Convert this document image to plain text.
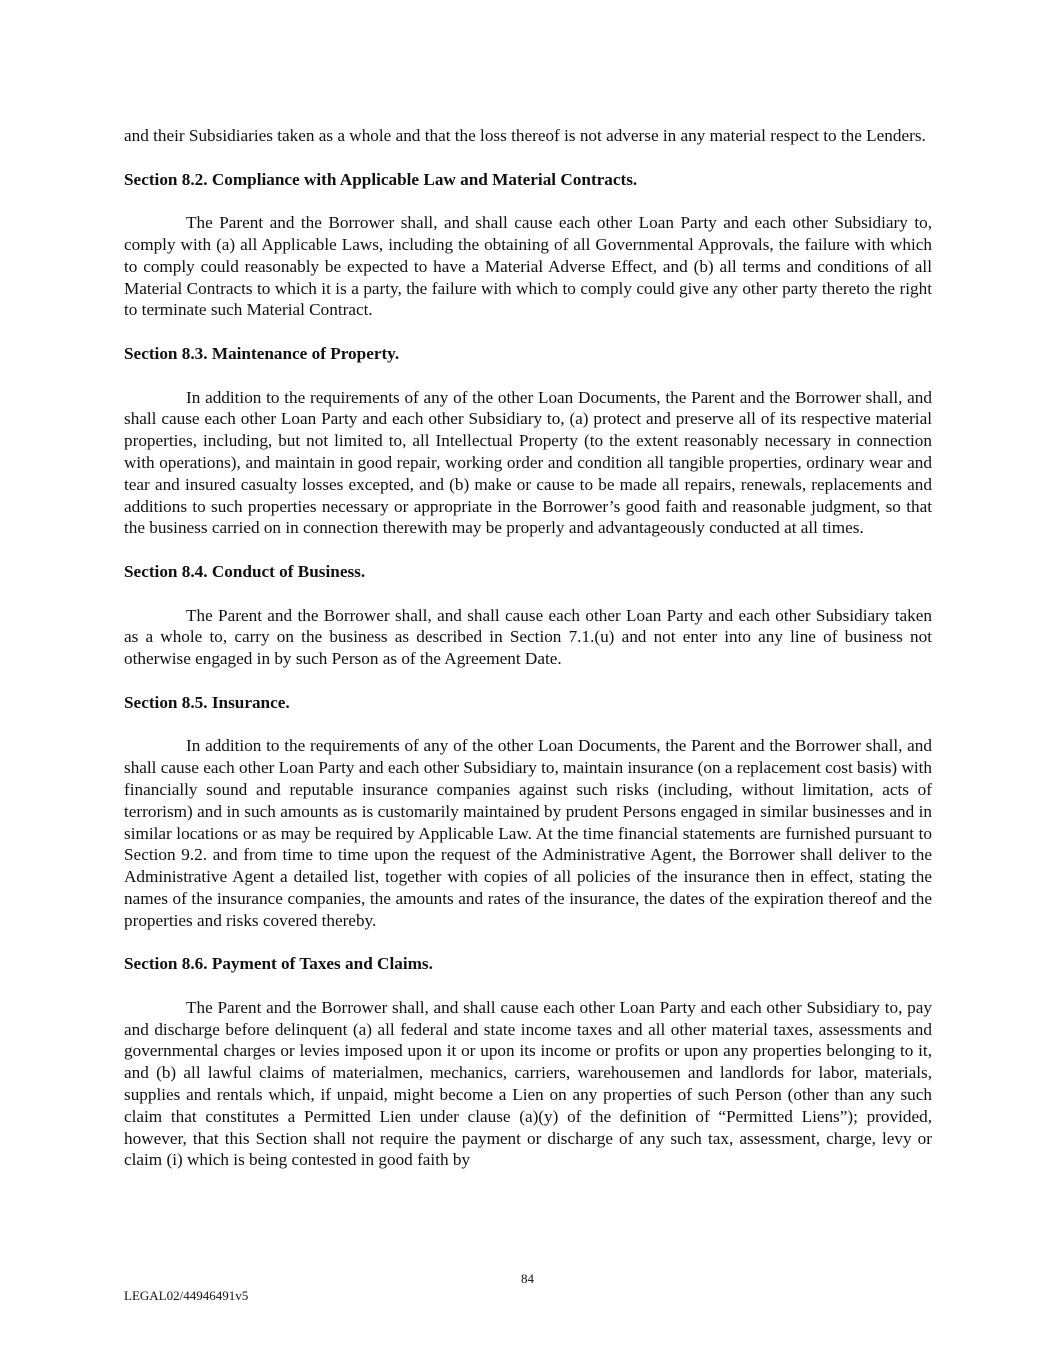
and their Subsidiaries taken as a whole and that the loss thereof is not adverse in any material respect to the Lenders.

Section 8.2. Compliance with Applicable Law and Material Contracts.

The Parent and the Borrower shall, and shall cause each other Loan Party and each other Subsidiary to, comply with (a) all Applicable Laws, including the obtaining of all Governmental Approvals, the failure with which to comply could reasonably be expected to have a Material Adverse Effect, and (b) all terms and conditions of all Material Contracts to which it is a party, the failure with which to comply could give any other party thereto the right to terminate such Material Contract.

Section 8.3. Maintenance of Property.

In addition to the requirements of any of the other Loan Documents, the Parent and the Borrower shall, and shall cause each other Loan Party and each other Subsidiary to, (a) protect and preserve all of its respective material properties, including, but not limited to, all Intellectual Property (to the extent reasonably necessary in connection with operations), and maintain in good repair, working order and condition all tangible properties, ordinary wear and tear and insured casualty losses excepted, and (b) make or cause to be made all repairs, renewals, replacements and additions to such properties necessary or appropriate in the Borrower’s good faith and reasonable judgment, so that the business carried on in connection therewith may be properly and advantageously conducted at all times.

Section 8.4. Conduct of Business.

The Parent and the Borrower shall, and shall cause each other Loan Party and each other Subsidiary taken as a whole to, carry on the business as described in Section 7.1.(u) and not enter into any line of business not otherwise engaged in by such Person as of the Agreement Date.

Section 8.5. Insurance.

In addition to the requirements of any of the other Loan Documents, the Parent and the Borrower shall, and shall cause each other Loan Party and each other Subsidiary to, maintain insurance (on a replacement cost basis) with financially sound and reputable insurance companies against such risks (including, without limitation, acts of terrorism) and in such amounts as is customarily maintained by prudent Persons engaged in similar businesses and in similar locations or as may be required by Applicable Law. At the time financial statements are furnished pursuant to Section 9.2. and from time to time upon the request of the Administrative Agent, the Borrower shall deliver to the Administrative Agent a detailed list, together with copies of all policies of the insurance then in effect, stating the names of the insurance companies, the amounts and rates of the insurance, the dates of the expiration thereof and the properties and risks covered thereby.

Section 8.6. Payment of Taxes and Claims.

The Parent and the Borrower shall, and shall cause each other Loan Party and each other Subsidiary to, pay and discharge before delinquent (a) all federal and state income taxes and all other material taxes, assessments and governmental charges or levies imposed upon it or upon its income or profits or upon any properties belonging to it, and (b) all lawful claims of materialmen, mechanics, carriers, warehousemen and landlords for labor, materials, supplies and rentals which, if unpaid, might become a Lien on any properties of such Person (other than any such claim that constitutes a Permitted Lien under clause (a)(y) of the definition of “Permitted Liens”); provided, however, that this Section shall not require the payment or discharge of any such tax, assessment, charge, levy or claim (i) which is being contested in good faith by

84
LEGAL02/44946491v5
